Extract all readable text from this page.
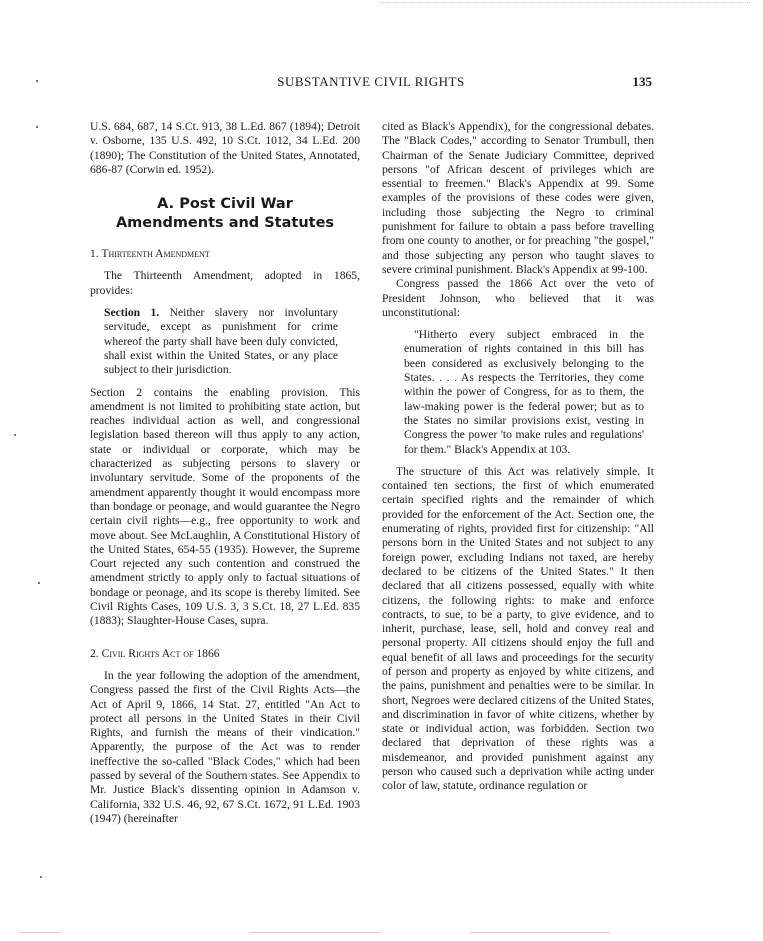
SUBSTANTIVE CIVIL RIGHTS	135

U.S. 684, 687, 14 S.Ct. 913, 38 L.Ed. 867 (1894); Detroit v. Osborne, 135 U.S. 492, 10 S.Ct. 1012, 34 L.Ed. 200 (1890); The Constitution of the United States, Annotated, 686-87 (Corwin ed. 1952).

A. Post Civil War
Amendments and Statutes

1. Thirteenth Amendment

The Thirteenth Amendment, adopted in 1865, provides:

Section 1. Neither slavery nor involuntary servitude, except as punishment for crime whereof the party shall have been duly convicted, shall exist within the United States, or any place subject to their jurisdiction.

Section 2 contains the enabling provision. This amendment is not limited to prohibiting state action, but reaches individual action as well, and congressional legislation based thereon will thus apply to any action, state or individual or corporate, which may be characterized as subjecting persons to slavery or involuntary servitude. Some of the proponents of the amendment apparently thought it would encompass more than bondage or peonage, and would guarantee the Negro certain civil rights—e.g., free opportunity to work and move about. See McLaughlin, A Constitutional History of the United States, 654-55 (1935). However, the Supreme Court rejected any such contention and construed the amendment strictly to apply only to factual situations of bondage or peonage, and its scope is thereby limited. See Civil Rights Cases, 109 U.S. 3, 3 S.Ct. 18, 27 L.Ed. 835 (1883); Slaughter-House Cases, supra.

2. Civil Rights Act of 1866

In the year following the adoption of the amendment, Congress passed the first of the Civil Rights Acts—the Act of April 9, 1866, 14 Stat. 27, entitled "An Act to protect all persons in the United States in their Civil Rights, and furnish the means of their vindication." Apparently, the purpose of the Act was to render ineffective the so-called "Black Codes," which had been passed by several of the Southern states. See Appendix to Mr. Justice Black's dissenting opinion in Adamson v. California, 332 U.S. 46, 92, 67 S.Ct. 1672, 91 L.Ed. 1903 (1947) (hereinafter

cited as Black's Appendix), for the congressional debates. The "Black Codes," according to Senator Trumbull, then Chairman of the Senate Judiciary Committee, deprived persons "of African descent of privileges which are essential to freemen." Black's Appendix at 99. Some examples of the provisions of these codes were given, including those subjecting the Negro to criminal punishment for failure to obtain a pass before travelling from one county to another, or for preaching "the gospel," and those subjecting any person who taught slaves to severe criminal punishment. Black's Appendix at 99-100.

Congress passed the 1866 Act over the veto of President Johnson, who believed that it was unconstitutional:

"Hitherto every subject embraced in the enumeration of rights contained in this bill has been considered as exclusively belonging to the States. . . . As respects the Territories, they come within the power of Congress, for as to them, the law-making power is the federal power; but as to the States no similar provisions exist, vesting in Congress the power 'to make rules and regulations' for them." Black's Appendix at 103.

The structure of this Act was relatively simple. It contained ten sections, the first of which enumerated certain specified rights and the remainder of which provided for the enforcement of the Act. Section one, the enumerating of rights, provided first for citizenship: "All persons born in the United States and not subject to any foreign power, excluding Indians not taxed, are hereby declared to be citizens of the United States." It then declared that all citizens possessed, equally with white citizens, the following rights: to make and enforce contracts, to sue, to be a party, to give evidence, and to inherit, purchase, lease, sell, hold and convey real and personal property. All citizens should enjoy the full and equal benefit of all laws and proceedings for the security of person and property as enjoyed by white citizens, and the pains, punishment and penalties were to be similar. In short, Negroes were declared citizens of the United States, and discrimination in favor of white citizens, whether by state or individual action, was forbidden. Section two declared that deprivation of these rights was a misdemeanor, and provided punishment against any person who caused such a deprivation while acting under color of law, statute, ordinance regulation or
